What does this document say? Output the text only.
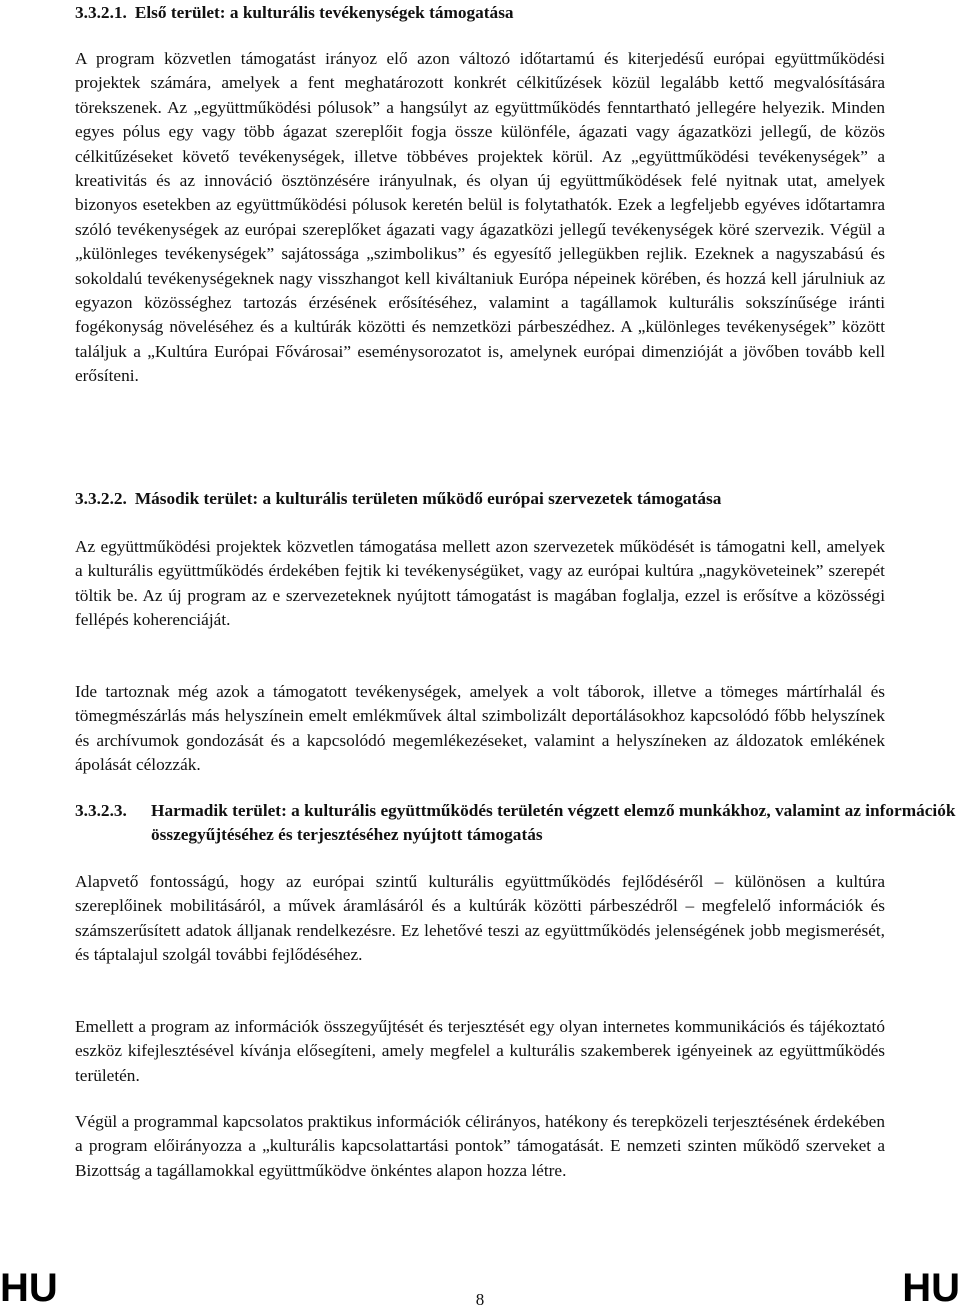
3.3.2.1. Első terület: a kulturális tevékenységek támogatása

A program közvetlen támogatást irányoz elő azon változó időtartamú és kiterjedésű európai együttműködési projektek számára, amelyek a fent meghatározott konkrét célkitűzések közül legalább kettő megvalósítására törekszenek. Az „együttműködési pólusok” a hangsúlyt az együttműködés fenntartható jellegére helyezik. Minden egyes pólus egy vagy több ágazat szereplőit fogja össze különféle, ágazati vagy ágazatközi jellegű, de közös célkitűzéseket követő tevékenységek, illetve többéves projektek körül. Az „együttműködési tevékenységek” a kreativitás és az innováció ösztönzésére irányulnak, és olyan új együttműködések felé nyitnak utat, amelyek bizonyos esetekben az együttműködési pólusok keretén belül is folytathatók. Ezek a legfeljebb egyéves időtartamra szóló tevékenységek az európai szereplőket ágazati vagy ágazatközi jellegű tevékenységek köré szervezik. Végül a „különleges tevékenységek” sajátossága „szimbolikus” és egyesítő jellegükben rejlik. Ezeknek a nagyszabású és sokoldalú tevékenységeknek nagy visszhangot kell kiváltaniuk Európa népeinek körében, és hozzá kell járulniuk az egyazon közösséghez tartozás érzésének erősítéséhez, valamint a tagállamok kulturális sokszínűsége iránti fogékonyság növeléséhez és a kultúrák közötti és nemzetközi párbeszédhez. A „különleges tevékenységek” között találjuk a „Kultúra Európai Fővárosai” eseménysorozatot is, amelynek európai dimenzióját a jövőben tovább kell erősíteni.

3.3.2.2. Második terület: a kulturális területen működő európai szervezetek támogatása

Az együttműködési projektek közvetlen támogatása mellett azon szervezetek működését is támogatni kell, amelyek a kulturális együttműködés érdekében fejtik ki tevékenységüket, vagy az európai kultúra „nagyköveteinek” szerepét töltik be. Az új program az e szervezeteknek nyújtott támogatást is magában foglalja, ezzel is erősítve a közösségi fellépés koherenciáját.

Ide tartoznak még azok a támogatott tevékenységek, amelyek a volt táborok, illetve a tömeges mártírhalál és tömegmészárlás más helyszínein emelt emlékművek által szimbolizált deportálásokhoz kapcsolódó főbb helyszínek és archívumok gondozását és a kapcsolódó megemlékezéseket, valamint a helyszíneken az áldozatok emlékének ápolását célozzák.

3.3.2.3. Harmadik terület: a kulturális együttműködés területén végzett elemző munkákhoz, valamint az információk összegyűjtéséhez és terjesztéséhez nyújtott támogatás

Alapvető fontosságú, hogy az európai szintű kulturális együttműködés fejlődéséről – különösen a kultúra szereplőinek mobilitásáról, a művek áramlásáról és a kultúrák közötti párbeszédről – megfelelő információk és számszerűsített adatok álljanak rendelkezésre. Ez lehetővé teszi az együttműködés jelenségének jobb megismerését, és táptalajul szolgál további fejlődéséhez.

Emellett a program az információk összegyűjtését és terjesztését egy olyan internetes kommunikációs és tájékoztató eszköz kifejlesztésével kívánja elősegíteni, amely megfelel a kulturális szakemberek igényeinek az együttműködés területén.

Végül a programmal kapcsolatos praktikus információk célirányos, hatékony és terepközeli terjesztésének érdekében a program előirányozza a „kulturális kapcsolattartási pontok” támogatását. E nemzeti szinten működő szerveket a Bizottság a tagállamokkal együttműködve önkéntes alapon hozza létre.

HU	8	HU
